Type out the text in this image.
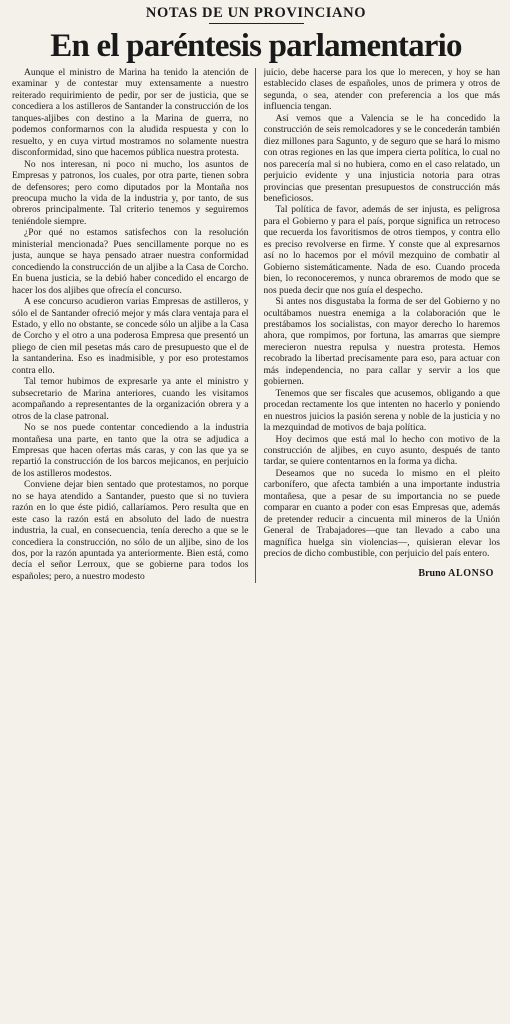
NOTAS DE UN PROVINCIANO
En el paréntesis parlamentario

Aunque el ministro de Marina ha tenido la atención de examinar y de contestar muy extensamente a nuestro reiterado requirimiento de pedir, por ser de justicia, que se concediera a los astilleros de Santander la construcción de los tanques-aljibes con destino a la Marina de guerra, no podemos conformarnos con la aludida respuesta y con lo resuelto, y en cuya virtud mostramos no solamente nuestra disconformidad, sino que hacemos pública nuestra protesta.

No nos interesan, ni poco ni mucho, los asuntos de Empresas y patronos, los cuales, por otra parte, tienen sobra de defensores; pero como diputados por la Montaña nos preocupa mucho la vida de la industria y, por tanto, de sus obreros principalmente. Tal criterio tenemos y seguiremos teniéndole siempre.

¿Por qué no estamos satisfechos con la resolución ministerial mencionada? Pues sencillamente porque no es justa, aunque se haya pensado atraer nuestra conformidad concediendo la construcción de un aljibe a la Casa de Corcho. En buena justicia, se la debió haber concedido el encargo de hacer los dos aljibes que ofrecía el concurso.

A ese concurso acudieron varias Empresas de astilleros, y sólo el de Santander ofreció mejor y más clara ventaja para el Estado, y ello no obstante, se concede sólo un aljibe a la Casa de Corcho y el otro a una poderosa Empresa que presentó un pliego de cien mil pesetas más caro de presupuesto que el de la santanderina. Eso es inadmisible, y por eso protestamos contra ello.

Tal temor hubimos de expresarle ya ante el ministro y subsecretario de Marina anteriores, cuando les visitamos acompañando a representantes de la organización obrera y a otros de la clase patronal.

No se nos puede contentar concediendo a la industria montañesa una parte, en tanto que la otra se adjudica a Empresas que hacen ofertas más caras, y con las que ya se repartió la construcción de los barcos mejicanos, en perjuicio de los astilleros modestos.

Conviene dejar bien sentado que protestamos, no porque no se haya atendido a Santander, puesto que si no tuviera razón en lo que éste pidió, callaríamos. Pero resulta que en este caso la razón está en absoluto del lado de nuestra industria, la cual, en consecuencia, tenía derecho a que se le concediera la construcción, no sólo de un aljibe, sino de los dos, por la razón apuntada ya anteriormente. Bien está, como decía el señor Lerroux, que se gobierne para todos los españoles; pero, a nuestro modesto

juicio, debe hacerse para los que lo merecen, y hoy se han establecido clases de españoles, unos de primera y otros de segunda, o sea, atender con preferencia a los que más influencia tengan.

Así vemos que a Valencia se le ha concedido la construcción de seis remolcadores y se le concederán también diez millones para Sagunto, y de seguro que se hará lo mismo con otras regiones en las que impera cierta política, lo cual no nos parecería mal si no hubiera, como en el caso relatado, un perjuicio evidente y una injusticia notoria para otras provincias que presentan presupuestos de construcción más beneficiosos.

Tal política de favor, además de ser injusta, es peligrosa para el Gobierno y para el país, porque significa un retroceso que recuerda los favoritismos de otros tiempos, y contra ello es preciso revolverse en firme. Y conste que al expresarnos así no lo hacemos por el móvil mezquino de combatir al Gobierno sistemáticamente. Nada de eso. Cuando proceda bien, lo reconoceremos, y nunca obraremos de modo que se nos pueda decir que nos guía el despecho.

Si antes nos disgustaba la forma de ser del Gobierno y no ocultábamos nuestra enemiga a la colaboración que le prestábamos los socialistas, con mayor derecho lo haremos ahora, que rompimos, por fortuna, las amarras que siempre merecieron nuestra repulsa y nuestra protesta. Hemos recobrado la libertad precisamente para eso, para actuar con más independencia, no para callar y servir a los que gobiernen.

Tenemos que ser fiscales que acusemos, obligando a que procedan rectamente los que intenten no hacerlo y poniendo en nuestros juicios la pasión serena y noble de la justicia y no la mezquindad de motivos de baja política.

Hoy decimos que está mal lo hecho con motivo de la construcción de aljibes, en cuyo asunto, después de tanto tardar, se quiere contentarnos en la forma ya dicha.

Deseamos que no suceda lo mismo en el pleito carbonífero, que afecta también a una importante industria montañesa, que a pesar de su importancia no se puede comparar en cuanto a poder con esas Empresas que, además de pretender reducir a cincuenta mil mineros de la Unión General de Trabajadores—que tan llevado a cabo una magnífica huelga sin violencias—, quisieran elevar los precios de dicho combustible, con perjuicio del país entero.

Bruno ALONSO
